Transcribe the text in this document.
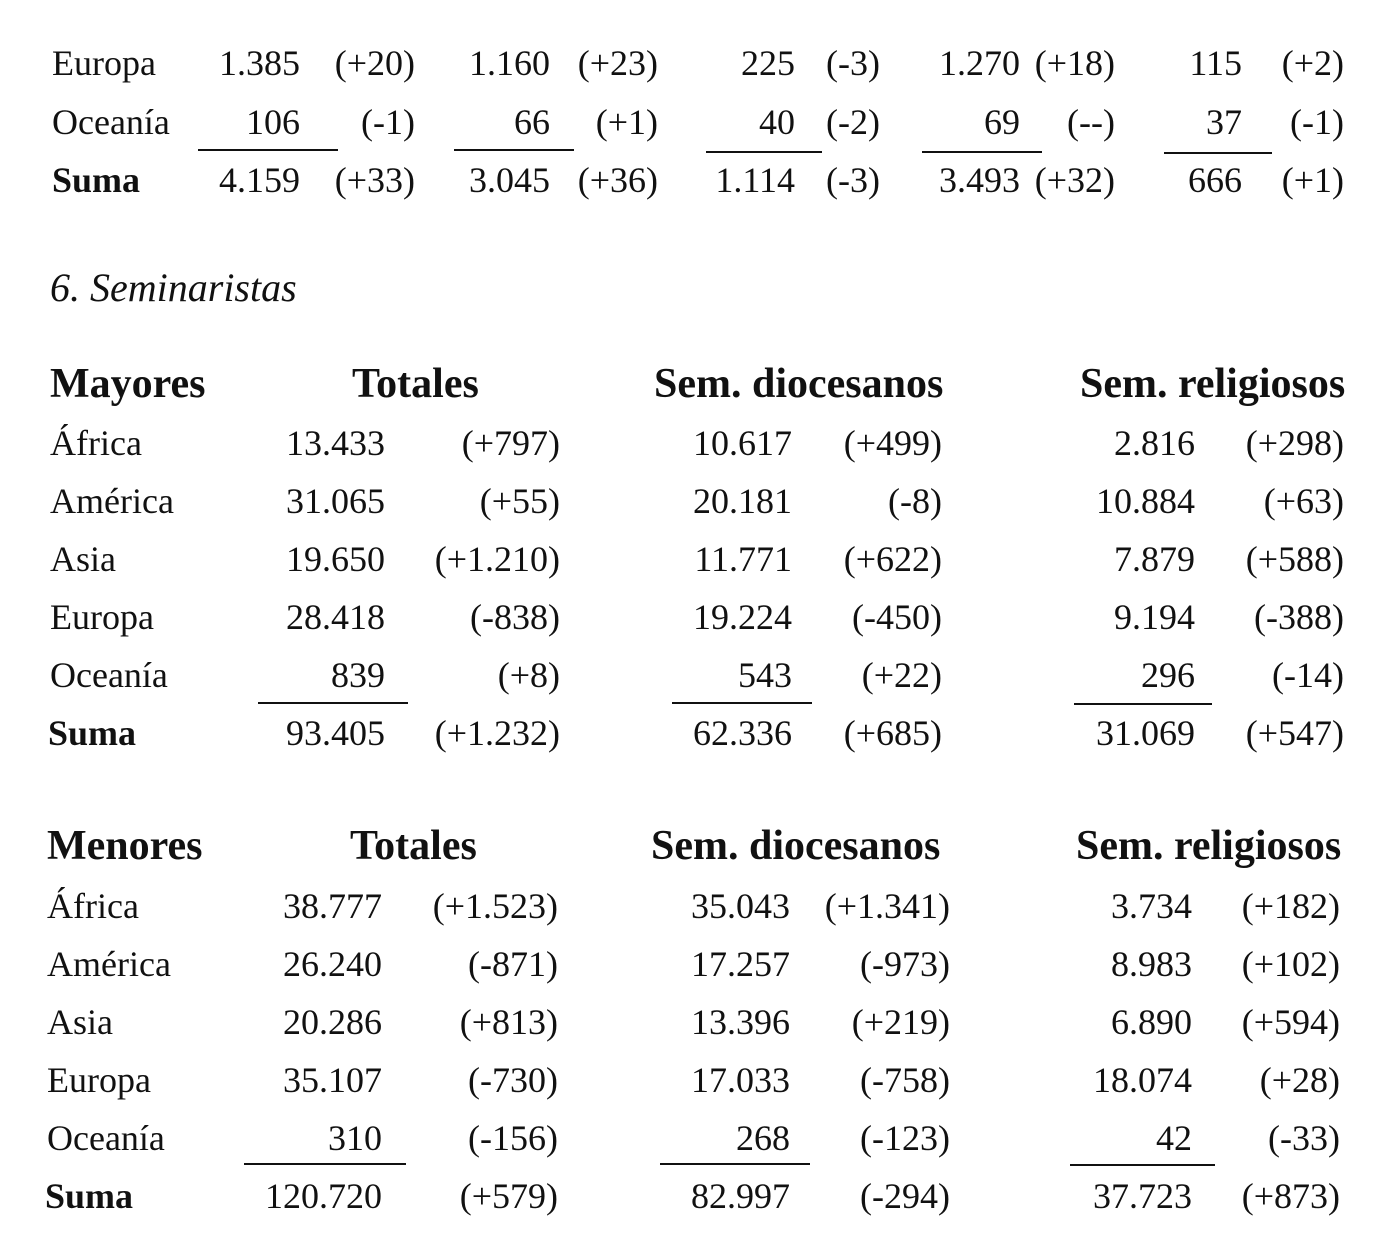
Europa	1.385 (+20)	1.160 (+23)	225 (-3)	1.270 (+18)	115	(+2)
Oceanía	106	(-1)	66	(+1)	40 (-2)	69	(--)	37	(-1)
Suma	4.159 (+33)	3.045 (+36)	1.114 (-3)	3.493 (+32)	666	(+1)
6. Seminaristas
Mayores	Totales	Sem. diocesanos	Sem. religiosos
África	13.433	(+797)	10.617	(+499)	2.816	(+298)
América	31.065	(+55)	20.181	(-8)	10.884	(+63)
Asia	19.650	(+1.210)	11.771	(+622)	7.879	(+588)
Europa	28.418	(-838)	19.224	(-450)	9.194	(-388)
Oceanía	839	(+8)	543	(+22)	296	(-14)
Suma	93.405	(+1.232)	62.336	(+685)	31.069	(+547)
Menores	Totales	Sem. diocesanos	Sem. religiosos
África	38.777	(+1.523)	35.043 (+1.341)	3.734	(+182)
América	26.240	(-871)	17.257	(-973)	8.983	(+102)
Asia	20.286	(+813)	13.396	(+219)	6.890	(+594)
Europa	35.107	(-730)	17.033	(-758)	18.074	(+28)
Oceanía	310	(-156)	268	(-123)	42	(-33)
Suma	120.720	(+579)	82.997	(-294)	37.723	(+873)
